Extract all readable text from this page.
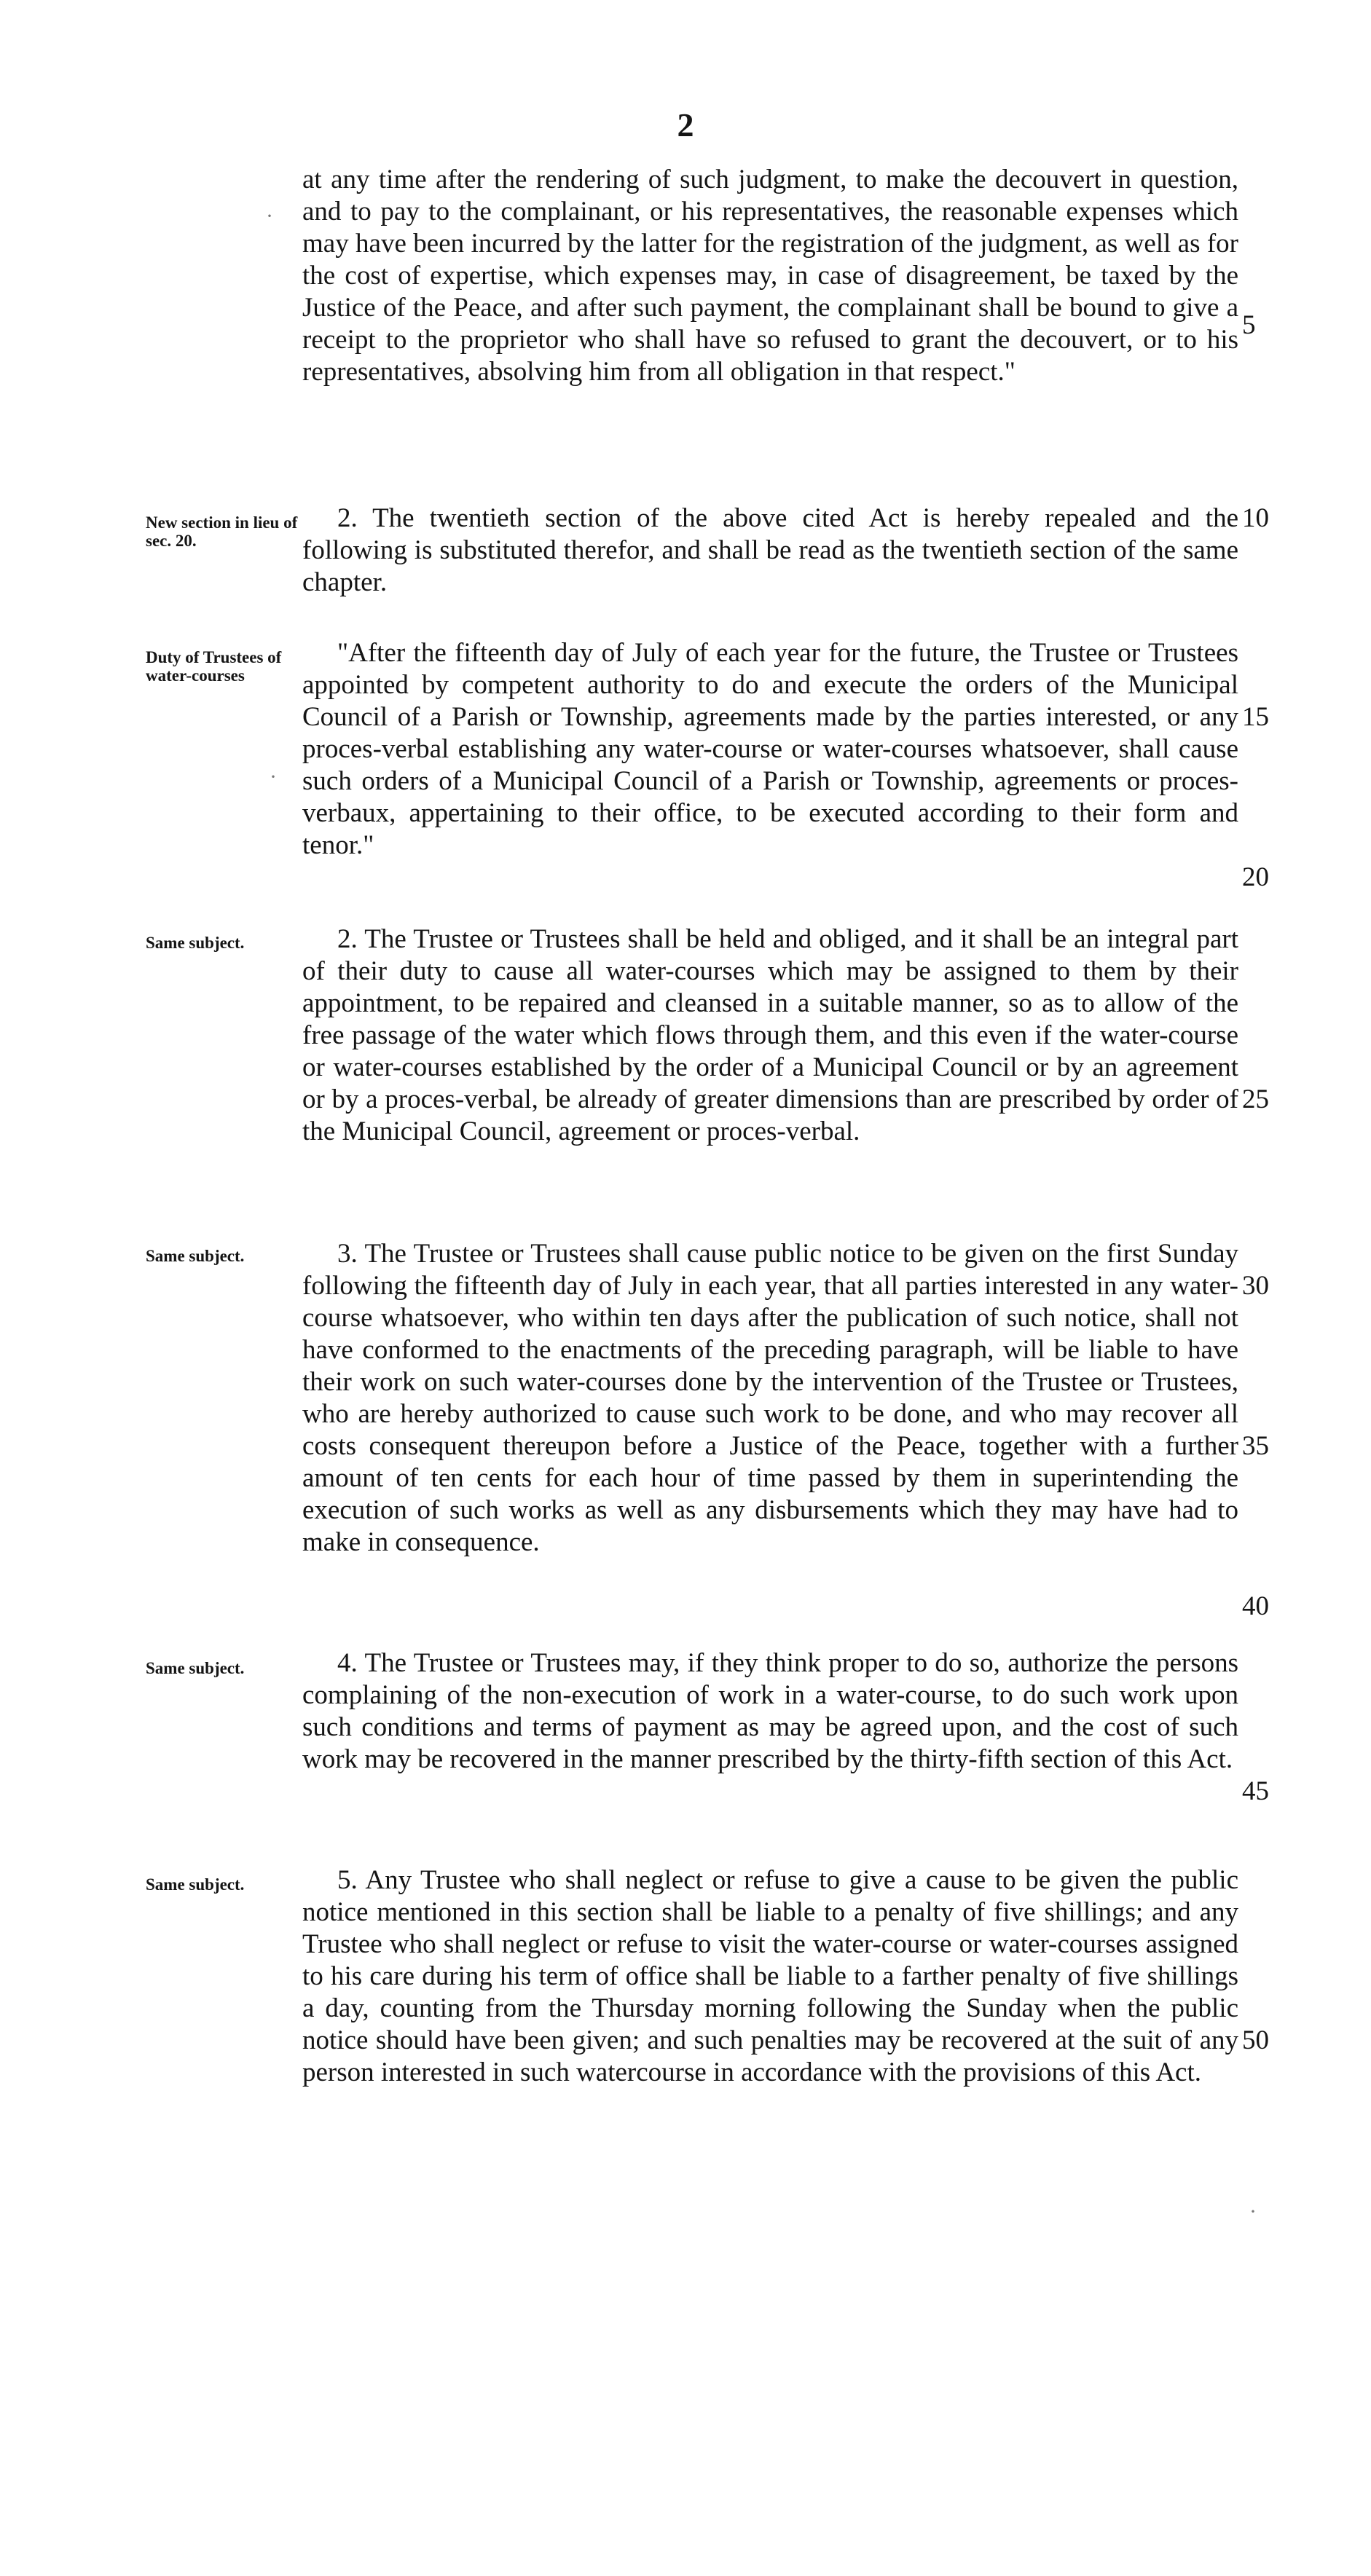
2
at any time after the rendering of such judgment, to make the decouvert in question, and to pay to the complainant, or his representatives, the reasonable expenses which may have been incurred by the latter for the registration of the judgment, as well as for the cost of expertise, which expenses may, in case of disagreement, be taxed by the Justice of the Peace, and after such payment, the complainant shall be bound to give a receipt to the proprietor who shall have so refused to grant the decouvert, or to his representatives, absolving him from all obligation in that respect."
5
New section in lieu of sec. 20.
2. The twentieth section of the above cited Act is hereby repealed and the following is substituted therefor, and shall be read as the twentieth section of the same chapter.
10
Duty of Trustees of water-courses
"After the fifteenth day of July of each year for the future, the Trustee or Trustees appointed by competent authority to do and execute the orders of the Municipal Council of a Parish or Township, agreements made by the parties interested, or any proces-verbal establishing any water-course or water-courses whatsoever, shall cause such orders of a Municipal Council of a Parish or Township, agreements or proces-verbaux, appertaining to their office, to be executed according to their form and tenor."
15
20
Same subject.	2. The Trustee or Trustees shall be held and obliged, and it shall be an integral part of their duty to cause all water-courses which may be assigned to them by their appointment, to be repaired and cleansed in a suitable manner, so as to allow of the free passage of the water which flows through them, and this even if the water-course or water-courses established by the order of a Municipal Council or by an agreement or by a proces-verbal, be already of greater dimensions than are prescribed by order of the Municipal Council, agreement or proces-verbal.
25
Same subject.	3. The Trustee or Trustees shall cause public notice to be given on the first Sunday following the fifteenth day of July in each year, that all parties interested in any water-course whatsoever, who within ten days after the publication of such notice, shall not have conformed to the enactments of the preceding paragraph, will be liable to have their work on such water-courses done by the intervention of the Trustee or Trustees, who are hereby authorized to cause such work to be done, and who may recover all costs consequent thereupon before a Justice of the Peace, together with a further amount of ten cents for each hour of time passed by them in superintending the execution of such works as well as any disbursements which they may have had to make in consequence.
30
35
40
Same subject.	4. The Trustee or Trustees may, if they think proper to do so, authorize the persons complaining of the non-execution of work in a water-course, to do such work upon such conditions and terms of payment as may be agreed upon, and the cost of such work may be recovered in the manner prescribed by the thirty-fifth section of this Act.
45
Same subject.	5. Any Trustee who shall neglect or refuse to give a cause to be given the public notice mentioned in this section shall be liable to a penalty of five shillings; and any Trustee who shall neglect or refuse to visit the water-course or water-courses assigned to his care during his term of office shall be liable to a farther penalty of five shillings a day, counting from the Thursday morning following the Sunday when the public notice should have been given; and such penalties may be recovered at the suit of any person interested in such watercourse in accordance with the provisions of this Act.
50
·
·
·
